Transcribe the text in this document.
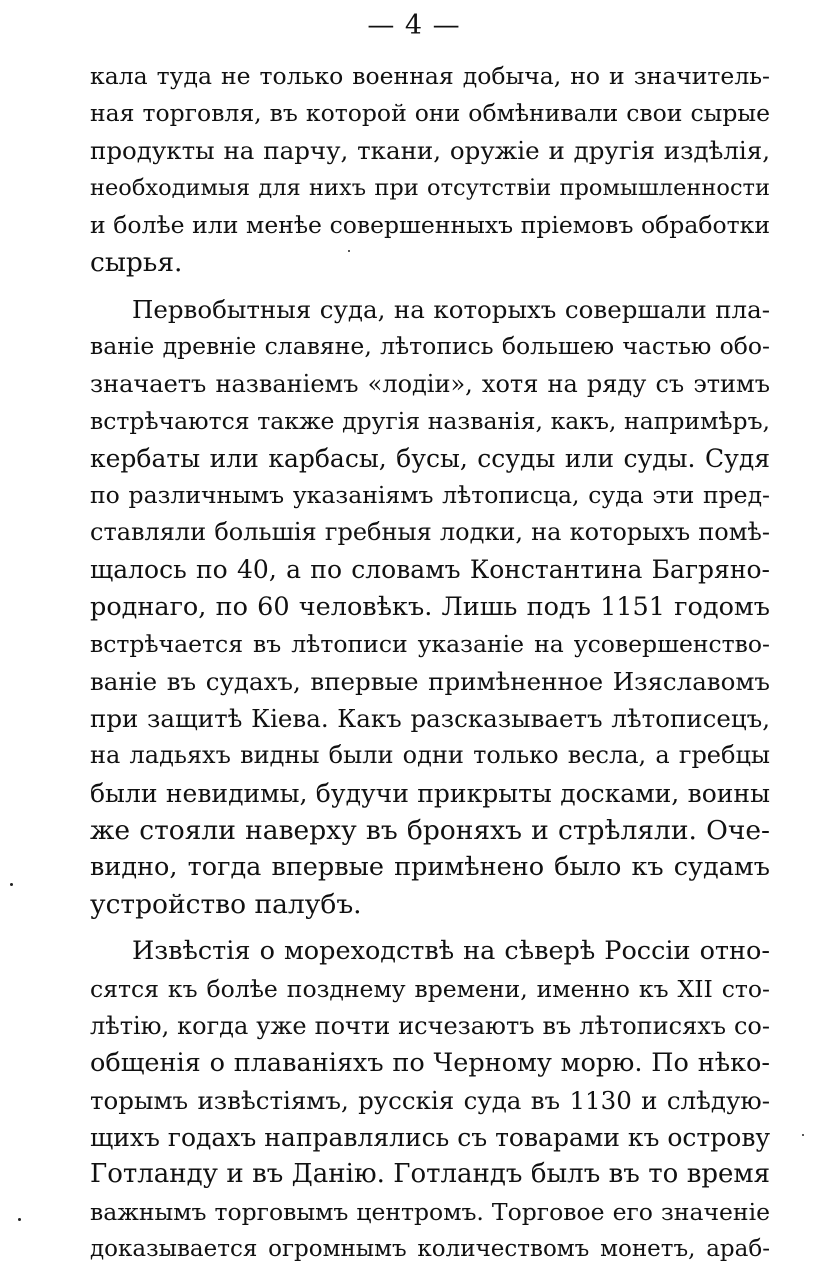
— 4 —
кала туда не только военная добыча, но и значитель-
ная торговля, въ которой они обмѣнивали свои сырые
продукты на парчу, ткани, оружіе и другія издѣлія,
необходимыя для нихъ при отсутствіи промышленности
и болѣе или менѣе совершенныхъ пріемовъ обработки
сырья.
Первобытныя суда, на которыхъ совершали пла-
ваніе древніе славяне, лѣтопись большею частью обо-
значаетъ названіемъ «лодіи», хотя на ряду съ этимъ
встрѣчаются также другія названія, какъ, напримѣръ,
кербаты или карбасы, бусы, ссуды или суды. Судя
по различнымъ указаніямъ лѣтописца, суда эти пред-
ставляли большія гребныя лодки, на которыхъ помѣ-
щалось по 40, а по словамъ Константина Багряно-
роднаго, по 60 человѣкъ. Лишь подъ 1151 годомъ
встрѣчается въ лѣтописи указаніе на усовершенство-
ваніе въ судахъ, впервые примѣненное Изяславомъ
при защитѣ Кіева. Какъ разсказываетъ лѣтописецъ,
на ладьяхъ видны были одни только весла, а гребцы
были невидимы, будучи прикрыты досками, воины
же стояли наверху въ броняхъ и стрѣляли. Оче-
видно, тогда впервые примѣнено было къ судамъ
устройство палубъ.
Извѣстія о мореходствѣ на сѣверѣ Россіи отно-
сятся къ болѣе позднему времени, именно къ XII сто-
лѣтію, когда уже почти исчезаютъ въ лѣтописяхъ со-
общенія о плаваніяхъ по Черному морю. По нѣко-
торымъ извѣстіямъ, русскія суда въ 1130 и слѣдую-
щихъ годахъ направлялись съ товарами къ острову
Готланду и въ Данію. Готландъ былъ въ то время
важнымъ торговымъ центромъ. Торговое его значеніе
доказывается огромнымъ количествомъ монетъ, араб-
